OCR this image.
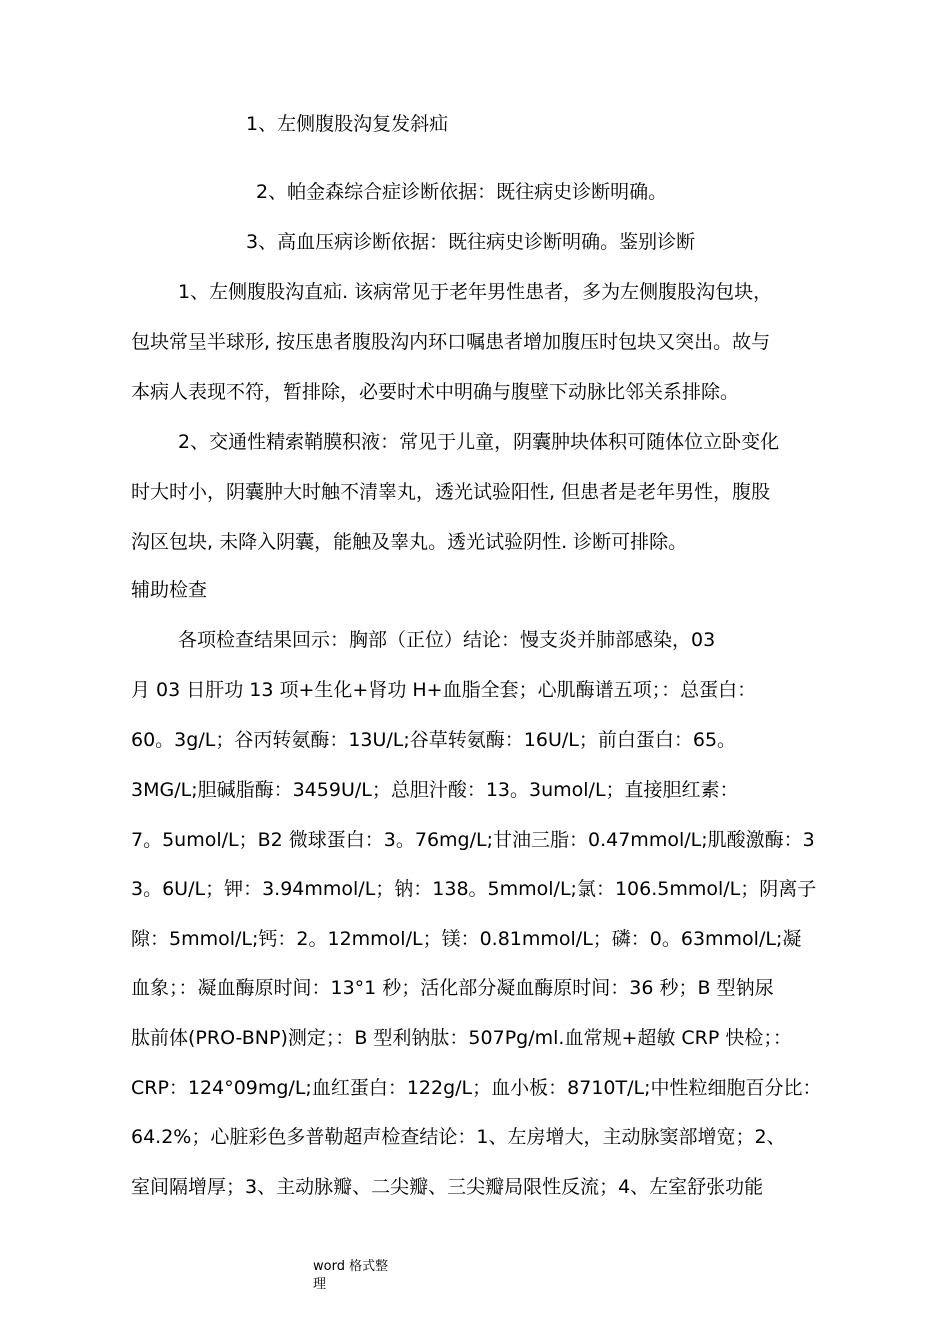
1、左侧腹股沟复发斜疝
2、帕金森综合症诊断依据：既往病史诊断明确。
3、高血压病诊断依据：既往病史诊断明确。鉴别诊断
1、左侧腹股沟直疝. 该病常见于老年男性患者，多为左侧腹股沟包块，
包块常呈半球形, 按压患者腹股沟内环口嘱患者增加腹压时包块又突出。故与
本病人表现不符，暂排除，必要时术中明确与腹壁下动脉比邻关系排除。
2、交通性精索鞘膜积液：常见于儿童，阴囊肿块体积可随体位立卧变化
时大时小，阴囊肿大时触不清睾丸，透光试验阳性, 但患者是老年男性，腹股
沟区包块, 未降入阴囊，能触及睾丸。透光试验阴性. 诊断可排除。
辅助检查
各项检查结果回示：胸部（正位）结论：慢支炎并肺部感染，03
月 03 日肝功 13 项+生化+肾功 H+血脂全套；心肌酶谱五项；：总蛋白：
60。3g/L；谷丙转氨酶：13U/L;谷草转氨酶：16U/L；前白蛋白：65。
3MG/L;胆碱脂酶：3459U/L；总胆汁酸：13。3umol/L；直接胆红素：
7。5umol/L；B2 微球蛋白：3。76mg/L;甘油三脂：0.47mmol/L;肌酸激酶：3
3。6U/L；钾：3.94mmol/L；钠：138。5mmol/L;氯：106.5mmol/L；阴离子
隙：5mmol/L;钙：2。12mmol/L；镁：0.81mmol/L；磷：0。63mmol/L;凝
血象；：凝血酶原时间：13°1 秒；活化部分凝血酶原时间：36 秒；B 型钠尿
肽前体(PRO-BNP)测定；：B 型利钠肽：507Pg/ml.血常规+超敏 CRP 快检；：
CRP：124°09mg/L;血红蛋白：122g/L；血小板：8710T/L;中性粒细胞百分比：
64.2%；心脏彩色多普勒超声检查结论：1、左房增大，主动脉窦部增宽；2、
室间隔增厚；3、主动脉瓣、二尖瓣、三尖瓣局限性反流；4、左室舒张功能
word 格式整
理
